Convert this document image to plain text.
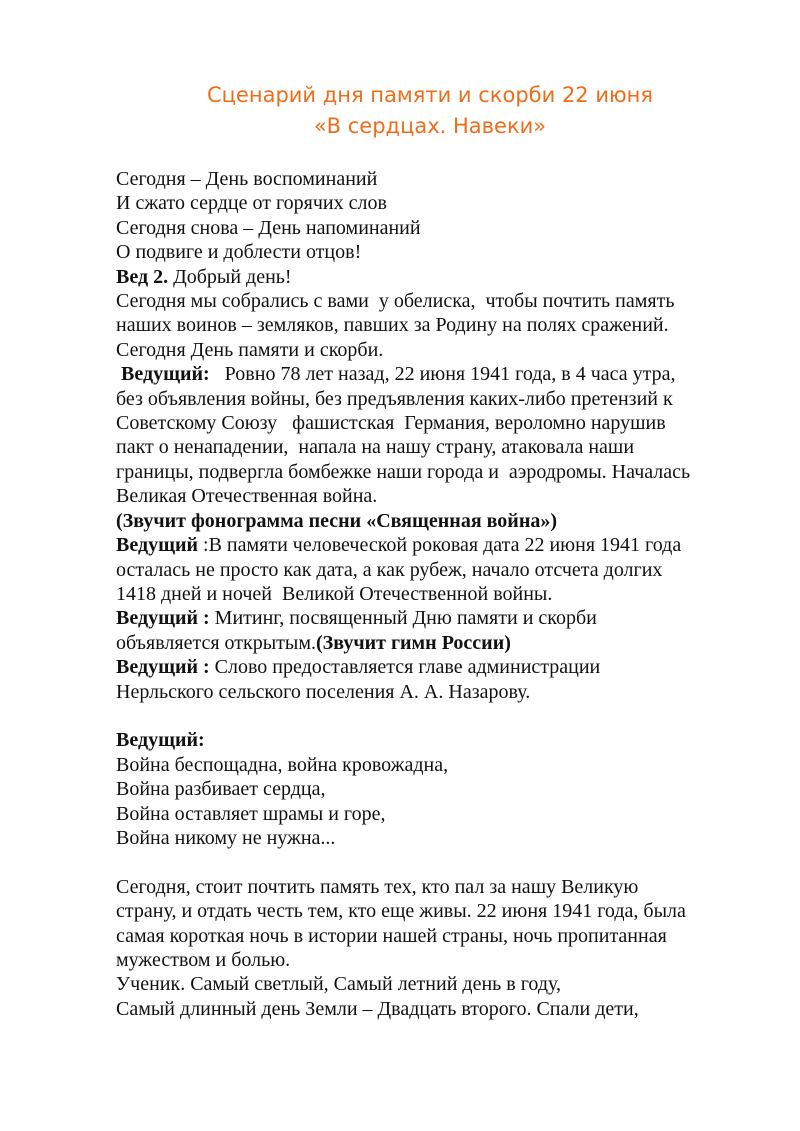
Сценарий дня памяти и скорби 22 июня
«В сердцах. Навеки»
Сегодня – День воспоминаний
И сжато сердце от горячих слов
Сегодня снова – День напоминаний
О подвиге и доблести отцов!
Вед 2. Добрый день!
Сегодня мы собрались с вами  у обелиска,  чтобы почтить память
наших воинов – земляков, павших за Родину на полях сражений.
Сегодня День памяти и скорби.
Ведущий:   Ровно 78 лет назад, 22 июня 1941 года, в 4 часа утра,
без объявления войны, без предъявления каких-либо претензий к
Советскому Союзу   фашистская  Германия, вероломно нарушив
пакт о ненападении,  напала на нашу страну, атаковала наши
границы, подвергла бомбежке наши города и  аэродромы. Началась
Великая Отечественная война.
(Звучит фонограмма песни «Священная война»)
Ведущий :В памяти человеческой роковая дата 22 июня 1941 года
осталась не просто как дата, а как рубеж, начало отсчета долгих
1418 дней и ночей  Великой Отечественной войны.
Ведущий : Митинг, посвященный Дню памяти и скорби
объявляется открытым.(Звучит гимн России)
Ведущий : Слово предоставляется главе администрации
Нерльского сельского поселения А. А. Назарову.
Ведущий:
Война беспощадна, война кровожадна,
Война разбивает сердца,
Война оставляет шрамы и горе,
Война никому не нужна...
Сегодня, стоит почтить память тех, кто пал за нашу Великую
страну, и отдать честь тем, кто еще живы. 22 июня 1941 года, была
самая короткая ночь в истории нашей страны, ночь пропитанная
мужеством и болью.
Ученик. Самый светлый, Самый летний день в году,
Самый длинный день Земли – Двадцать второго. Спали дети,
